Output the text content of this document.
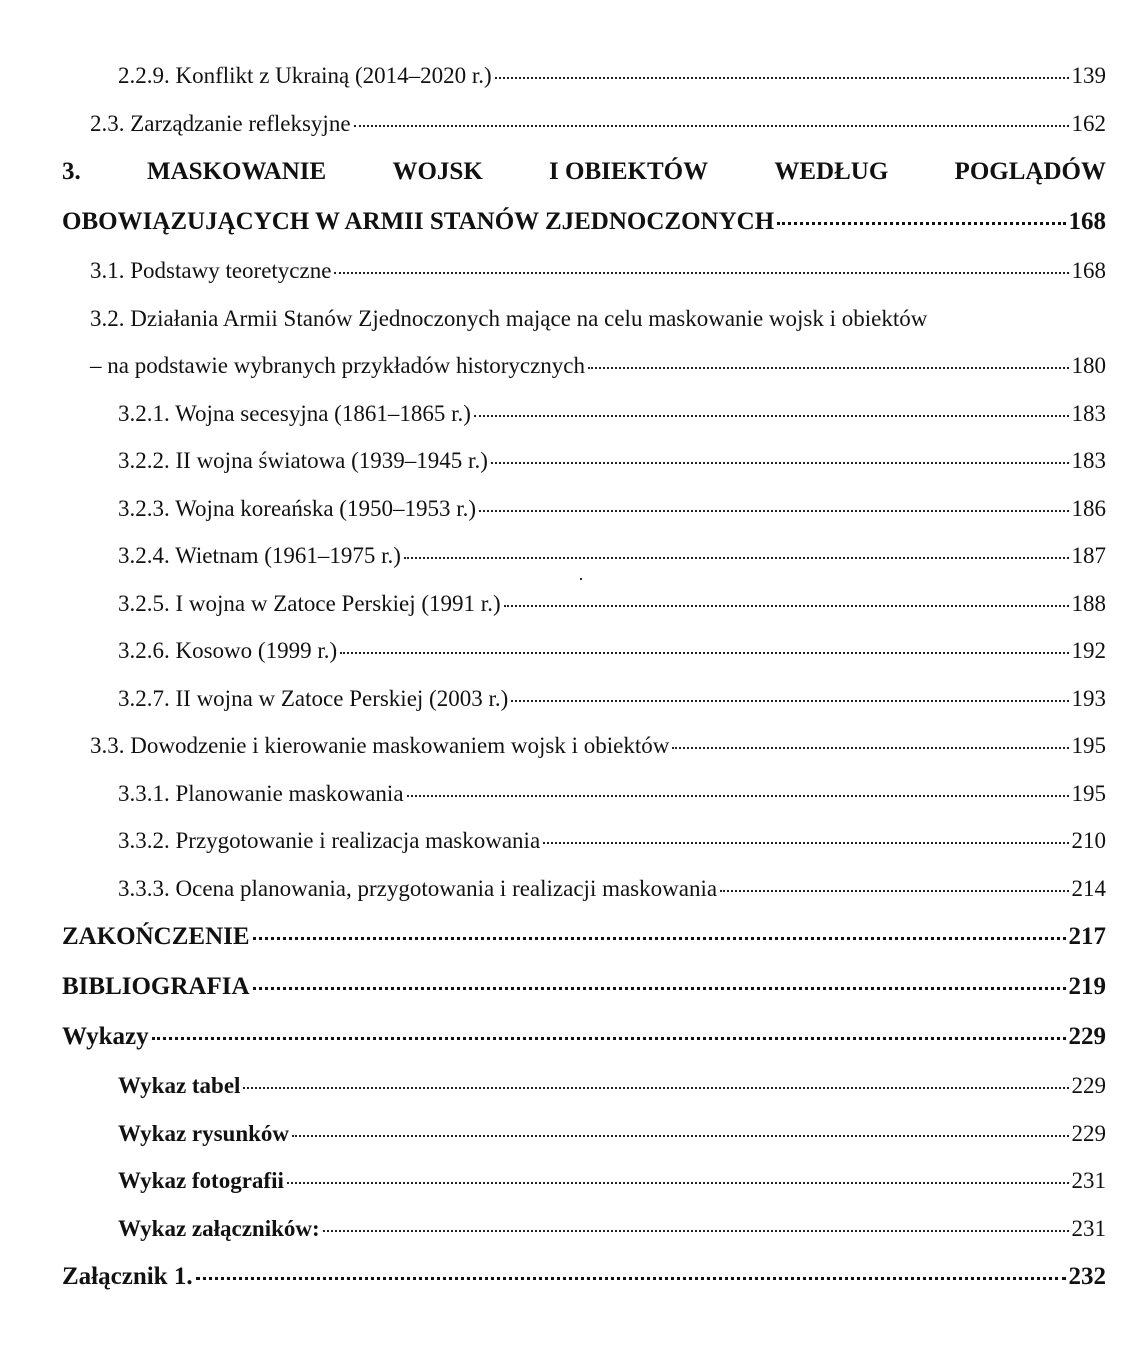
2.2.9. Konflikt z Ukrainą (2014–2020 r.)	139
2.3. Zarządzanie refleksyjne	162
3.	MASKOWANIE	WOJSK	I OBIEKTÓW	WEDŁUG	POGLĄDÓW
OBOWIĄZUJĄCYCH W ARMII STANÓW ZJEDNOCZONYCH	168
3.1. Podstawy teoretyczne	168
3.2. Działania Armii Stanów Zjednoczonych mające na celu maskowanie wojsk i obiektów
– na podstawie wybranych przykładów historycznych	180
3.2.1. Wojna secesyjna (1861–1865 r.)	183
3.2.2. II wojna światowa (1939–1945 r.)	183
3.2.3. Wojna koreańska (1950–1953 r.)	186
3.2.4. Wietnam (1961–1975 r.)	187
3.2.5. I wojna w Zatoce Perskiej (1991 r.)	188
3.2.6. Kosowo (1999 r.)	192
3.2.7. II wojna w Zatoce Perskiej (2003 r.)	193
3.3. Dowodzenie i kierowanie maskowaniem wojsk i obiektów	195
3.3.1. Planowanie maskowania	195
3.3.2. Przygotowanie i realizacja maskowania	210
3.3.3. Ocena planowania, przygotowania i realizacji maskowania	214
ZAKOŃCZENIE	217
BIBLIOGRAFIA	219
Wykazy	229
Wykaz tabel	229
Wykaz rysunków	229
Wykaz fotografii	231
Wykaz załączników:	231
Załącznik 1.	232
